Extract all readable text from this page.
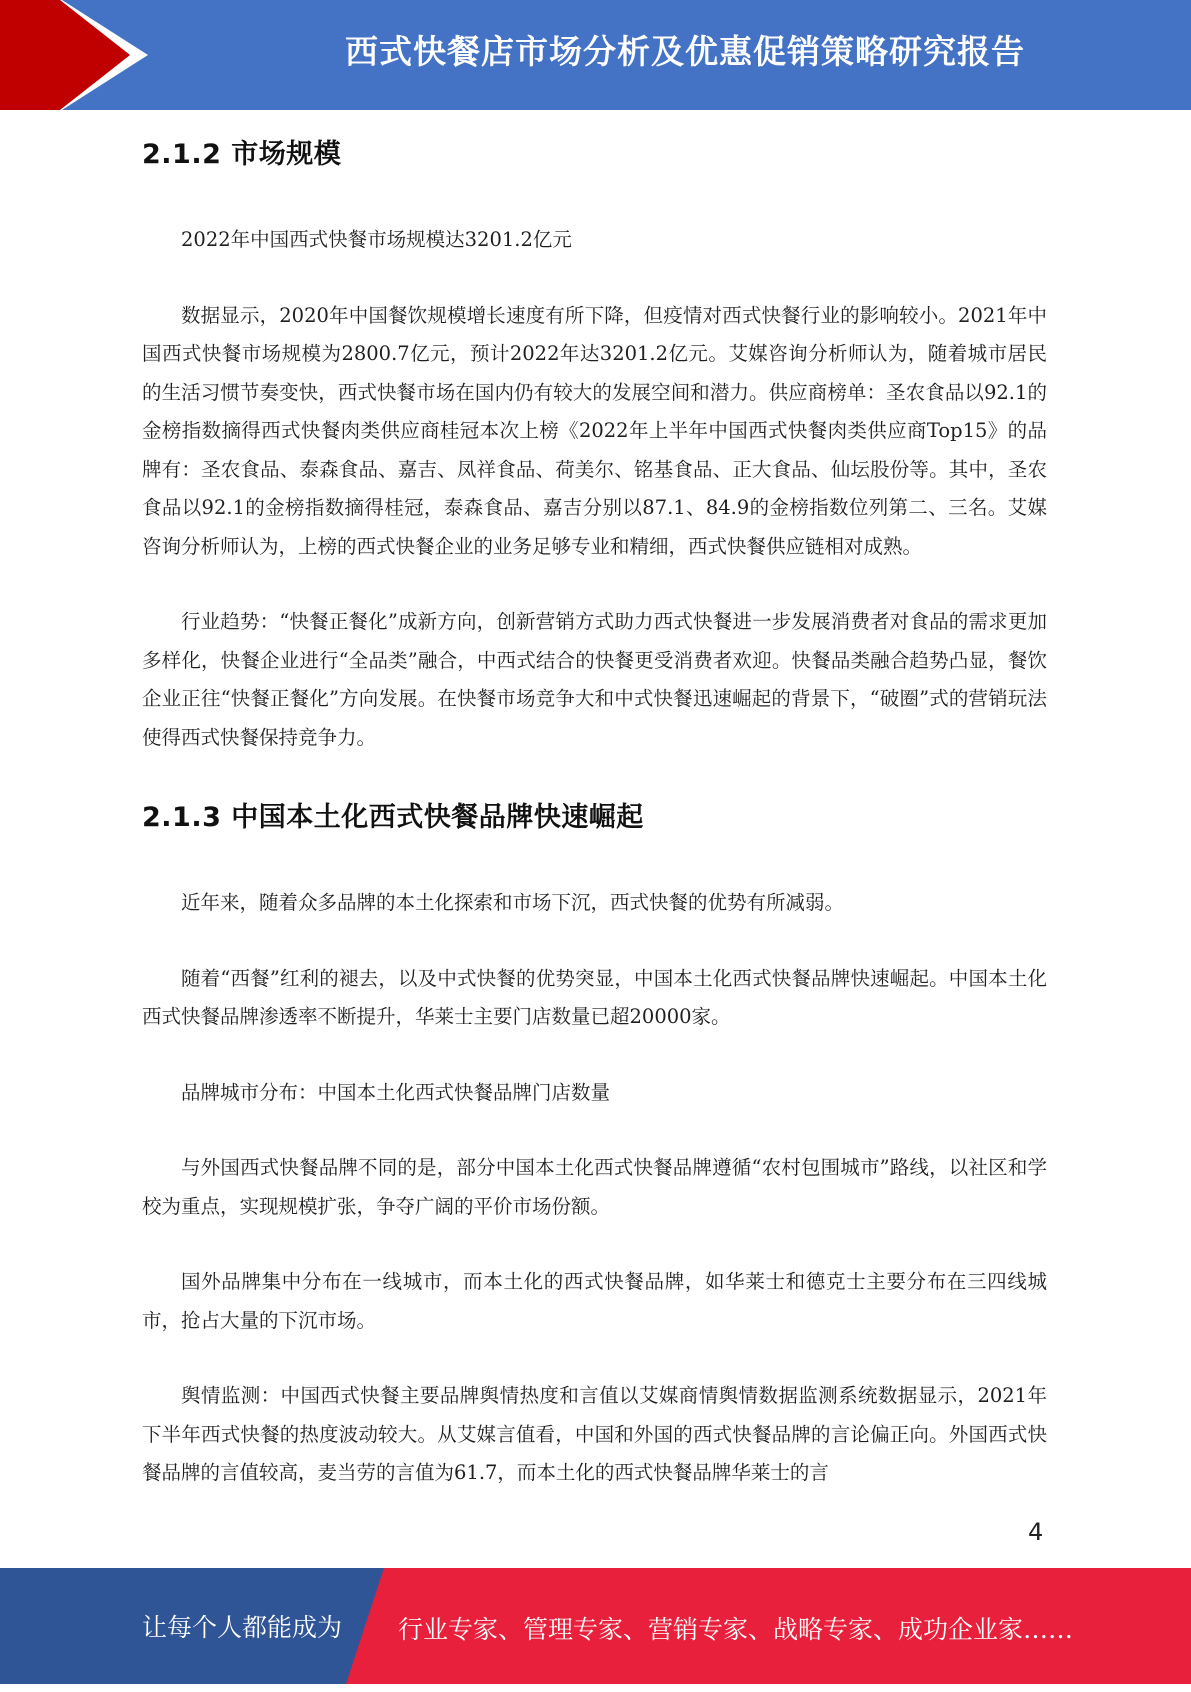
西式快餐店市场分析及优惠促销策略研究报告
2.1.2 市场规模

2022年中国西式快餐市场规模达3201.2亿元

数据显示，2020年中国餐饮规模增长速度有所下降，但疫情对西式快餐行业的影响较小。2021年中国西式快餐市场规模为2800.7亿元，预计2022年达3201.2亿元。艾媒咨询分析师认为，随着城市居民的生活习惯节奏变快，西式快餐市场在国内仍有较大的发展空间和潜力。供应商榜单：圣农食品以92.1的金榜指数摘得西式快餐肉类供应商桂冠本次上榜《2022年上半年中国西式快餐肉类供应商Top15》的品牌有：圣农食品、泰森食品、嘉吉、凤祥食品、荷美尔、铭基食品、正大食品、仙坛股份等。其中，圣农食品以92.1的金榜指数摘得桂冠，泰森食品、嘉吉分别以87.1、84.9的金榜指数位列第二、三名。艾媒咨询分析师认为，上榜的西式快餐企业的业务足够专业和精细，西式快餐供应链相对成熟。

行业趋势：“快餐正餐化”成新方向，创新营销方式助力西式快餐进一步发展消费者对食品的需求更加多样化，快餐企业进行“全品类”融合，中西式结合的快餐更受消费者欢迎。快餐品类融合趋势凸显，餐饮企业正往“快餐正餐化”方向发展。在快餐市场竞争大和中式快餐迅速崛起的背景下，“破圈”式的营销玩法使得西式快餐保持竞争力。

2.1.3 中国本土化西式快餐品牌快速崛起

近年来，随着众多品牌的本土化探索和市场下沉，西式快餐的优势有所减弱。

随着“西餐”红利的褪去，以及中式快餐的优势突显，中国本土化西式快餐品牌快速崛起。中国本土化西式快餐品牌渗透率不断提升，华莱士主要门店数量已超20000家。

品牌城市分布：中国本土化西式快餐品牌门店数量

与外国西式快餐品牌不同的是，部分中国本土化西式快餐品牌遵循“农村包围城市”路线，以社区和学校为重点，实现规模扩张，争夺广阔的平价市场份额。

国外品牌集中分布在一线城市，而本土化的西式快餐品牌，如华莱士和德克士主要分布在三四线城市，抢占大量的下沉市场。

舆情监测：中国西式快餐主要品牌舆情热度和言值以艾媒商情舆情数据监测系统数据显示，2021年下半年西式快餐的热度波动较大。从艾媒言值看，中国和外国的西式快餐品牌的言论偏正向。外国西式快餐品牌的言值较高，麦当劳的言值为61.7，而本土化的西式快餐品牌华莱士的言

4
让每个人都能成为 行业专家、管理专家、营销专家、战略专家、成功企业家……
